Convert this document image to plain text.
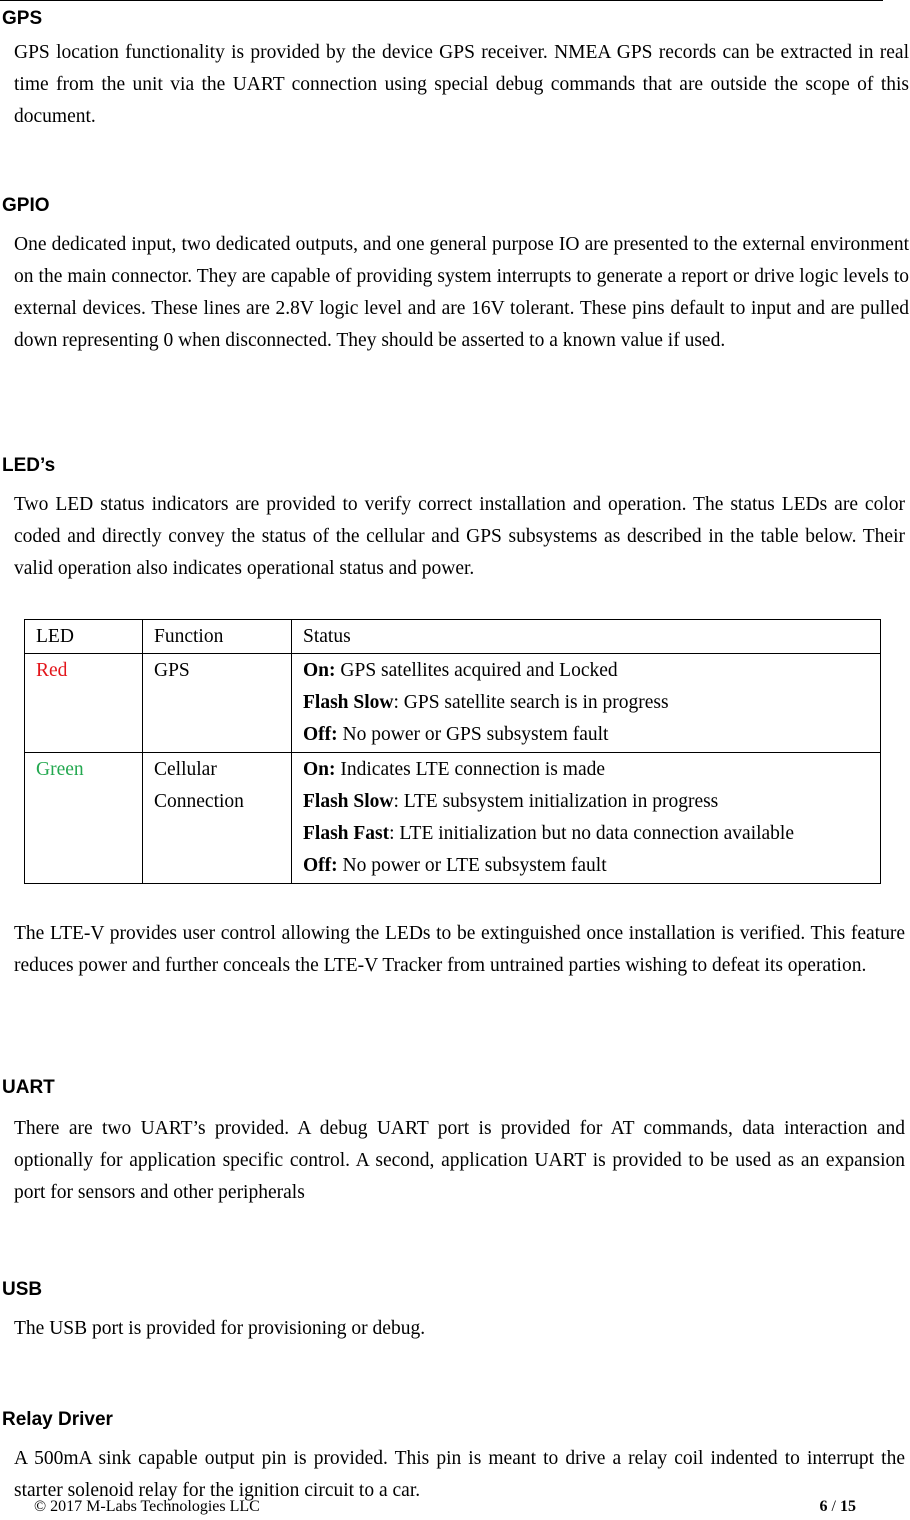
GPS

GPS location functionality is provided by the device GPS receiver. NMEA GPS records can be extracted in real time from the unit via the UART connection using special debug commands that are outside the scope of this document.

GPIO

One dedicated input, two dedicated outputs, and one general purpose IO are presented to the external environment on the main connector. They are capable of providing system interrupts to generate a report or drive logic levels to external devices. These lines are 2.8V logic level and are 16V tolerant. These pins default to input and are pulled down representing 0 when disconnected. They should be asserted to a known value if used.

LED’s

Two LED status indicators are provided to verify correct installation and operation. The status LEDs are color coded and directly convey the status of the cellular and GPS subsystems as described in the table below. Their valid operation also indicates operational status and power.

LED	Function	Status
Red	GPS	On: GPS satellites acquired and Locked
Flash Slow: GPS satellite search is in progress
Off: No power or GPS subsystem fault

Green	Cellular Connection	On: Indicates LTE connection is made
Flash Slow: LTE subsystem initialization in progress
Flash Fast: LTE initialization but no data connection available
Off: No power or LTE subsystem fault

The LTE-V provides user control allowing the LEDs to be extinguished once installation is verified. This feature reduces power and further conceals the LTE-V Tracker from untrained parties wishing to defeat its operation.

UART

There are two UART’s provided. A debug UART port is provided for AT commands, data interaction and optionally for application specific control. A second, application UART is provided to be used as an expansion port for sensors and other peripherals

USB

The USB port is provided for provisioning or debug.

Relay Driver

A 500mA sink capable output pin is provided. This pin is meant to drive a relay coil indented to interrupt the starter solenoid relay for the ignition circuit to a car.

© 2017 M-Labs Technologies LLC	6 / 15
